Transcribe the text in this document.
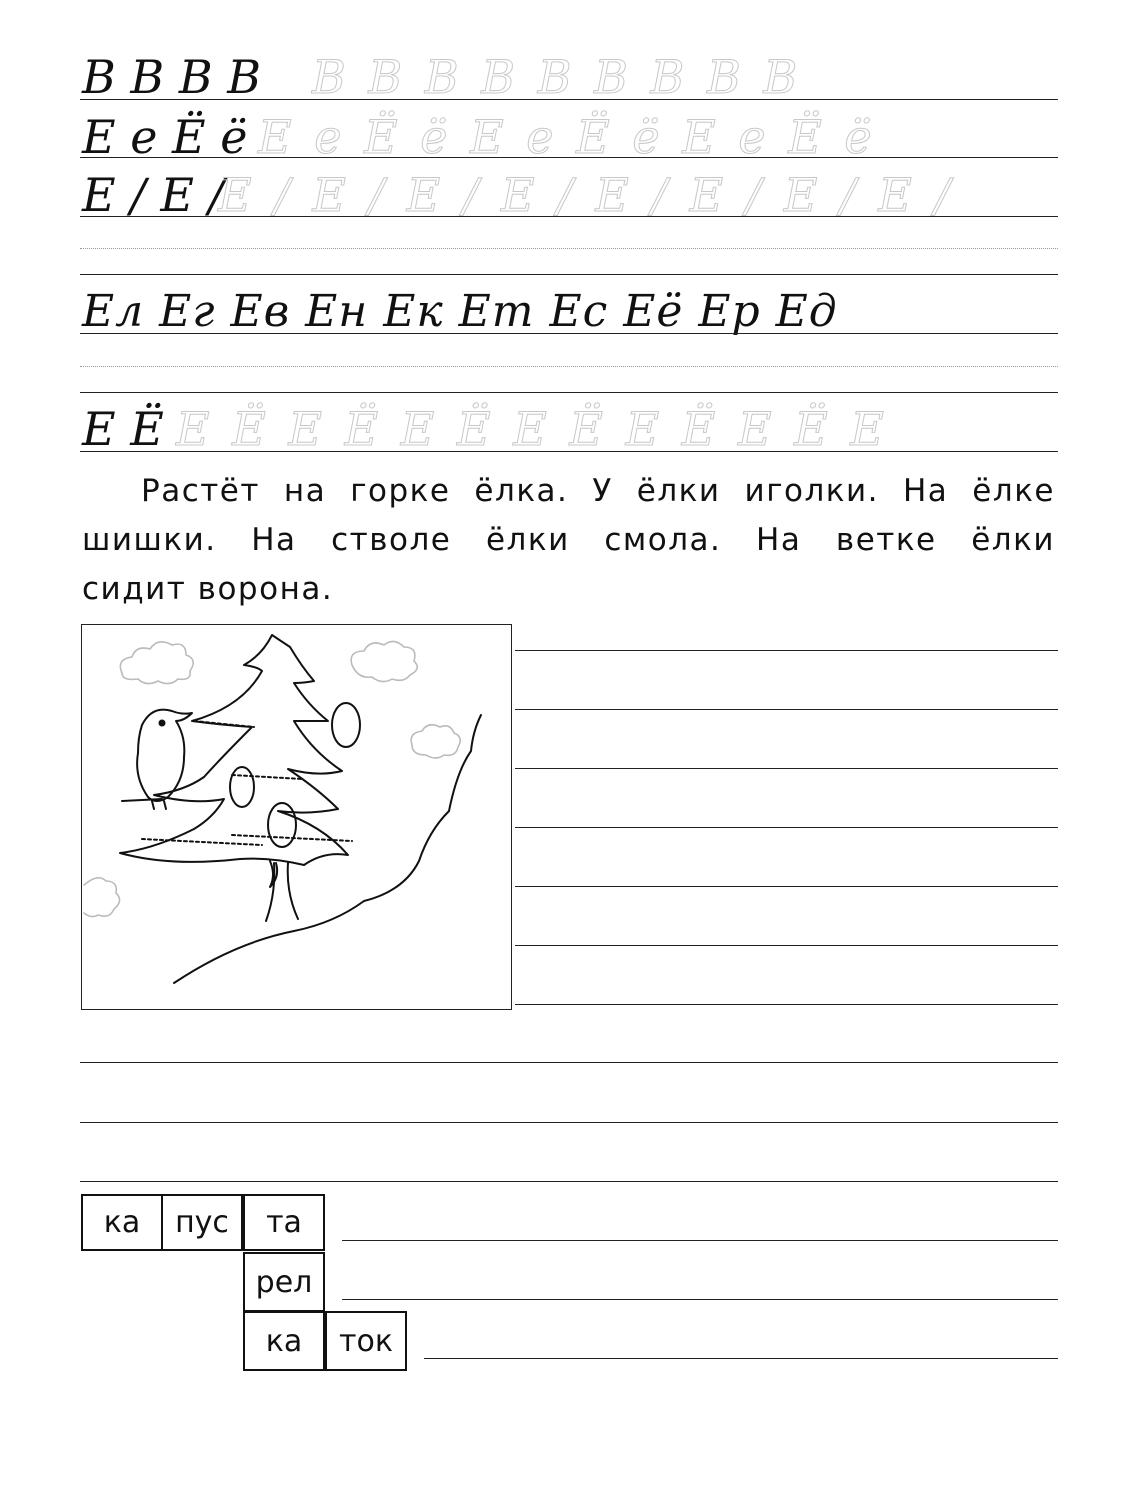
B B B B B B B B B B B B B
Е е Ё ё Е е Ё ё Е е Ё ё Е е Ё ё
Е / Е /
Е / Е / Е / Е / Е / Е / Е / Е /
Ел Ег Ев Ен Ек Ет Ес Её Ер Ед
Е Ё Е Ё Е Ё Е Ё Е Ё Е Ё Е Ё Е
Растёт на горке ёлка. У ёлки иголки. На ёлке
шишки. На стволе ёлки смола. На ветке ёлки
сидит ворона.
ка	пус	та
рел
ка	ток
